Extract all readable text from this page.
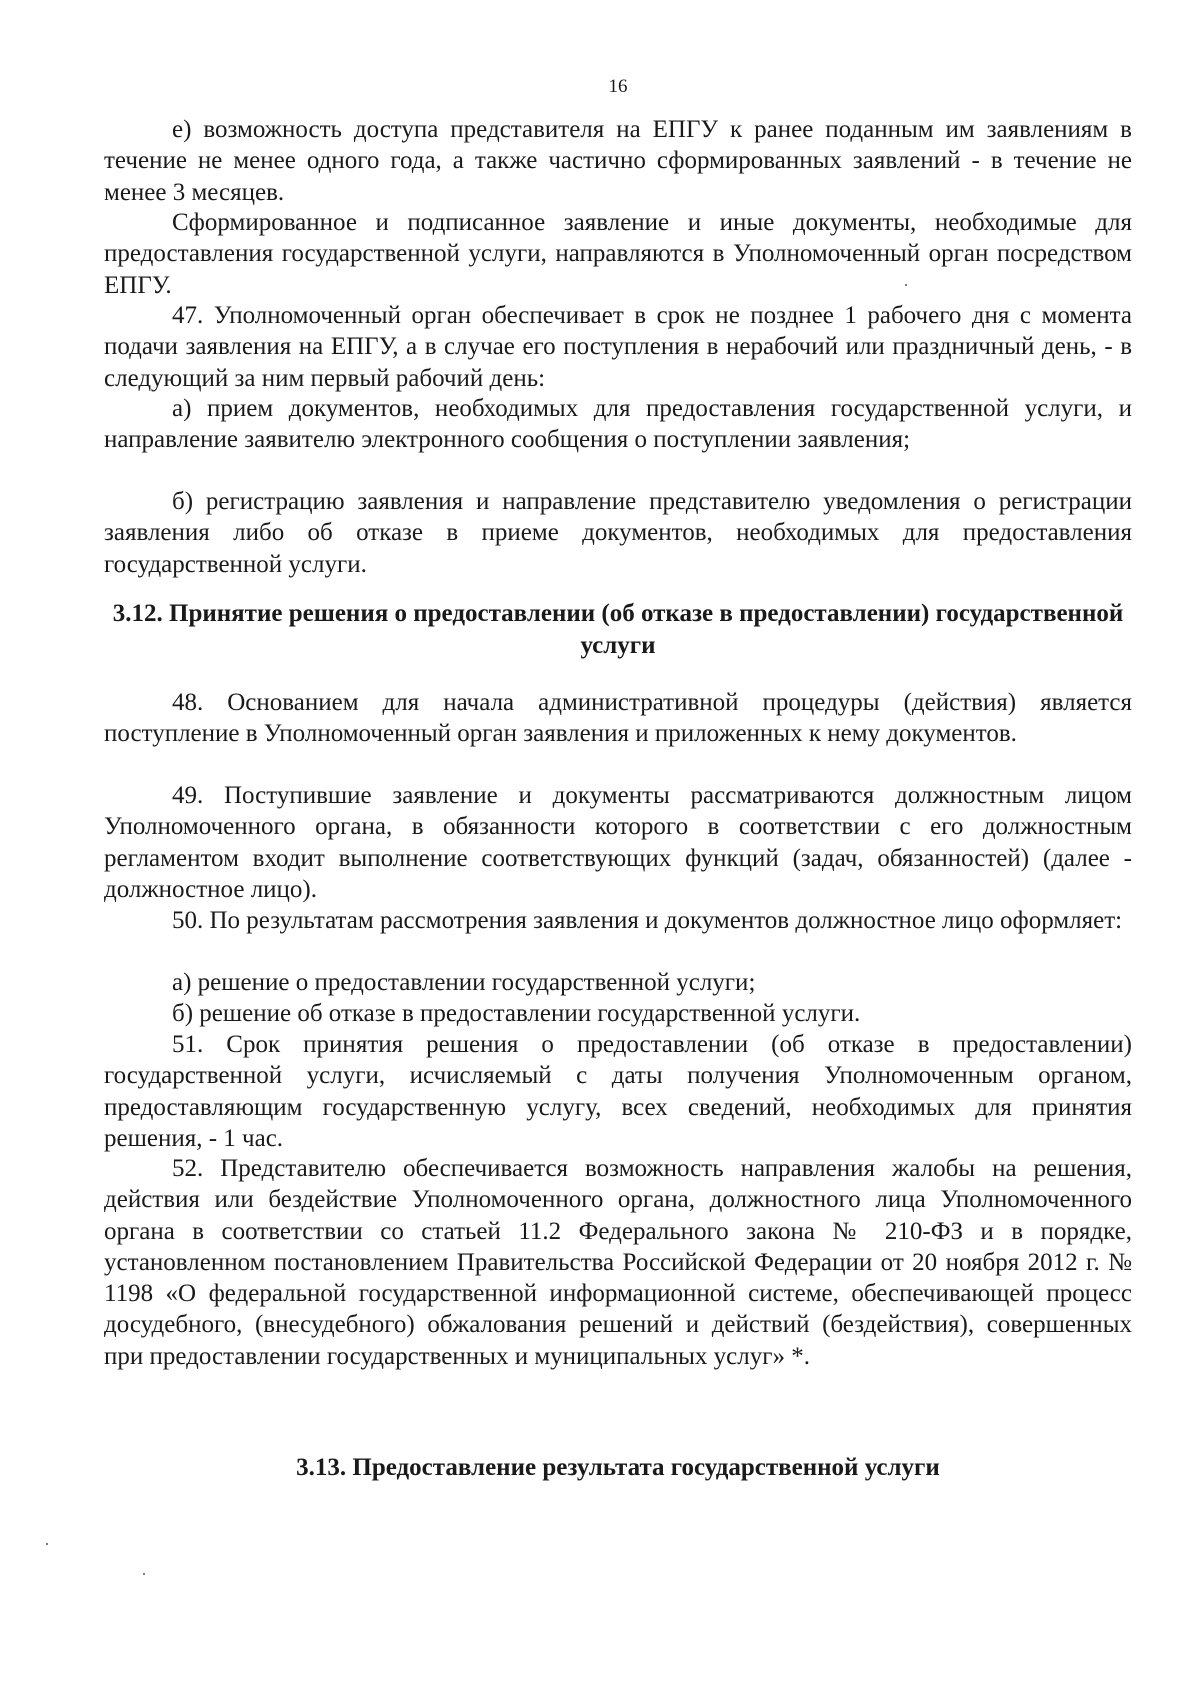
16

е) возможность доступа представителя на ЕПГУ к ранее поданным им заявлениям в течение не менее одного года, а также частично сформированных заявлений - в течение не менее 3 месяцев.

Сформированное и подписанное заявление и иные документы, необходимые для предоставления государственной услуги, направляются в Уполномоченный орган посредством ЕПГУ.

47. Уполномоченный орган обеспечивает в срок не позднее 1 рабочего дня с момента подачи заявления на ЕПГУ, а в случае его поступления в нерабочий или праздничный день, - в следующий за ним первый рабочий день:

а) прием документов, необходимых для предоставления государственной услуги, и направление заявителю электронного сообщения о поступлении заявления;

б) регистрацию заявления и направление представителю уведомления о регистрации заявления либо об отказе в приеме документов, необходимых для предоставления государственной услуги.

3.12. Принятие решения о предоставлении (об отказе в предоставлении) государственной услуги

48. Основанием для начала административной процедуры (действия) является поступление в Уполномоченный орган заявления и приложенных к нему документов.

49. Поступившие заявление и документы рассматриваются должностным лицом Уполномоченного органа, в обязанности которого в соответствии с его должностным регламентом входит выполнение соответствующих функций (задач, обязанностей) (далее - должностное лицо).

50. По результатам рассмотрения заявления и документов должностное лицо оформляет:

а) решение о предоставлении государственной услуги;

б) решение об отказе в предоставлении государственной услуги.

51. Срок принятия решения о предоставлении (об отказе в предоставлении) государственной услуги, исчисляемый с даты получения Уполномоченным органом, предоставляющим государственную услугу, всех сведений, необходимых для принятия решения, - 1 час.

52. Представителю обеспечивается возможность направления жалобы на решения, действия или бездействие Уполномоченного органа, должностного лица Уполномоченного органа в соответствии со статьей 11.2 Федерального закона № 210-ФЗ и в порядке, установленном постановлением Правительства Российской Федерации от 20 ноября 2012 г. № 1198 «О федеральной государственной информационной системе, обеспечивающей процесс досудебного, (внесудебного) обжалования решений и действий (бездействия), совершенных при предоставлении государственных и муниципальных услуг» *.

3.13. Предоставление результата государственной услуги
